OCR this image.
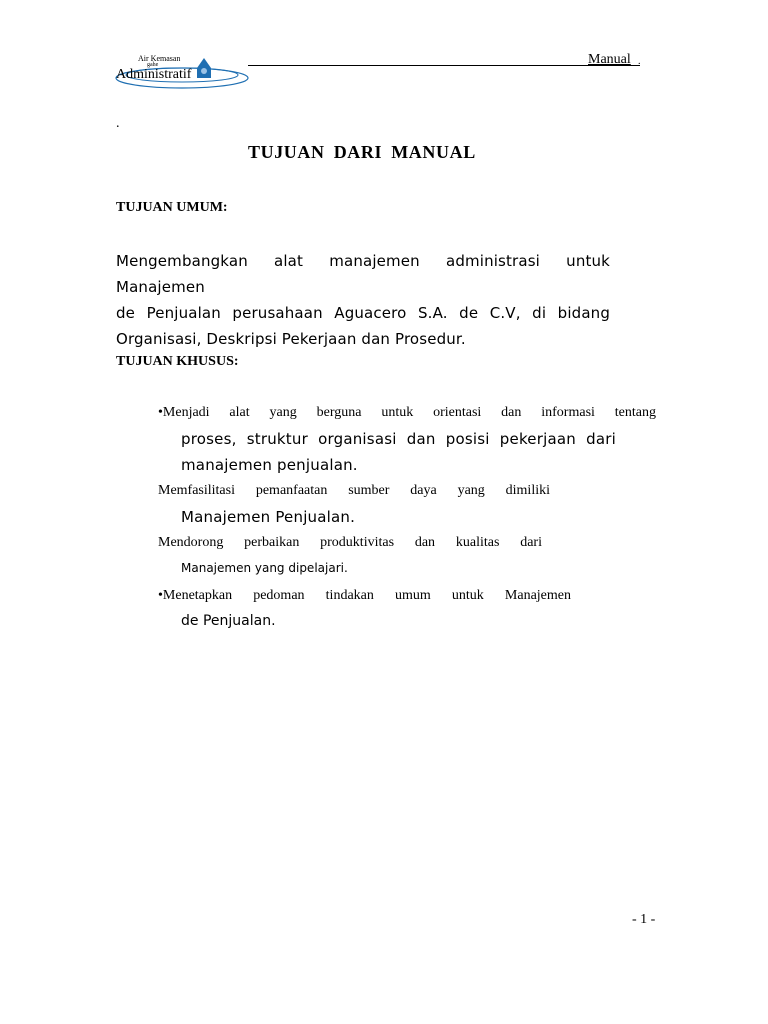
Air Kemasan
gahe	Manual .
Administratif
.
TUJUAN DARI MANUAL
TUJUAN UMUM:
Mengembangkan alat manajemen administrasi untuk Manajemen
de Penjualan perusahaan Aguacero S.A. de C.V, di bidang
Organisasi, Deskripsi Pekerjaan dan Prosedur.
TUJUAN KHUSUS:
•Menjadi alat yang berguna untuk orientasi dan informasi tentang
proses, struktur organisasi dan posisi pekerjaan dari
manajemen penjualan.
Memfasilitasi pemanfaatan sumber daya yang dimiliki
Manajemen Penjualan.
Mendorong perbaikan produktivitas dan kualitas dari
Manajemen yang dipelajari.
•Menetapkan pedoman tindakan umum untuk Manajemen
de Penjualan.
- 1 -
